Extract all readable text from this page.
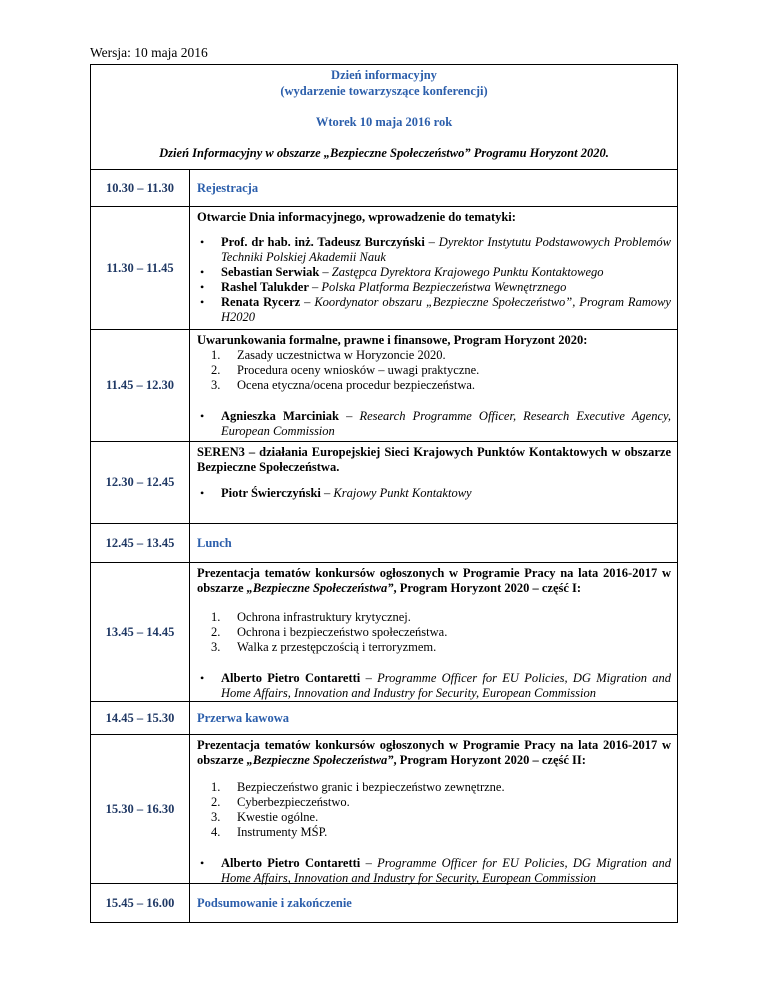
Wersja: 10 maja 2016
Dzień informacyjny
(wydarzenie towarzyszące konferencji)
Wtorek 10 maja 2016 rok
Dzień Informacyjny w obszarze „Bezpieczne Społeczeństwo” Programu Horyzont 2020.
10.30 – 11.30	Rejestracja
11.30 – 11.45
Otwarcie Dnia informacyjnego, wprowadzenie do tematyki:
• Prof. dr hab. inż. Tadeusz Burczyński – Dyrektor Instytutu Podstawowych Problemów Techniki Polskiej Akademii Nauk
• Sebastian Serwiak – Zastępca Dyrektora Krajowego Punktu Kontaktowego
• Rashel Talukder – Polska Platforma Bezpieczeństwa Wewnętrznego
• Renata Rycerz – Koordynator obszaru „Bezpieczne Społeczeństwo”, Program Ramowy H2020
11.45 – 12.30
Uwarunkowania formalne, prawne i finansowe, Program Horyzont 2020:
1. Zasady uczestnictwa w Horyzoncie 2020.
2. Procedura oceny wniosków – uwagi praktyczne.
3. Ocena etyczna/ocena procedur bezpieczeństwa.
• Agnieszka Marciniak – Research Programme Officer, Research Executive Agency, European Commission
12.30 – 12.45
SEREN3 – działania Europejskiej Sieci Krajowych Punktów Kontaktowych w obszarze Bezpieczne Społeczeństwa.
• Piotr Świerczyński – Krajowy Punkt Kontaktowy
12.45 – 13.45	Lunch
13.45 – 14.45
Prezentacja tematów konkursów ogłoszonych w Programie Pracy na lata 2016-2017 w obszarze „Bezpieczne Społeczeństwa”, Program Horyzont 2020 – część I:
1. Ochrona infrastruktury krytycznej.
2. Ochrona i bezpieczeństwo społeczeństwa.
3. Walka z przestępczością i terroryzmem.
• Alberto Pietro Contaretti – Programme Officer for EU Policies, DG Migration and Home Affairs, Innovation and Industry for Security, European Commission
14.45 – 15.30	Przerwa kawowa
15.30 – 16.30
Prezentacja tematów konkursów ogłoszonych w Programie Pracy na lata 2016-2017 w obszarze „Bezpieczne Społeczeństwa”, Program Horyzont 2020 – część II:
1. Bezpieczeństwo granic i bezpieczeństwo zewnętrzne.
2. Cyberbezpieczeństwo.
3. Kwestie ogólne.
4. Instrumenty MŚP.
• Alberto Pietro Contaretti – Programme Officer for EU Policies, DG Migration and Home Affairs, Innovation and Industry for Security, European Commission
15.45 – 16.00	Podsumowanie i zakończenie
